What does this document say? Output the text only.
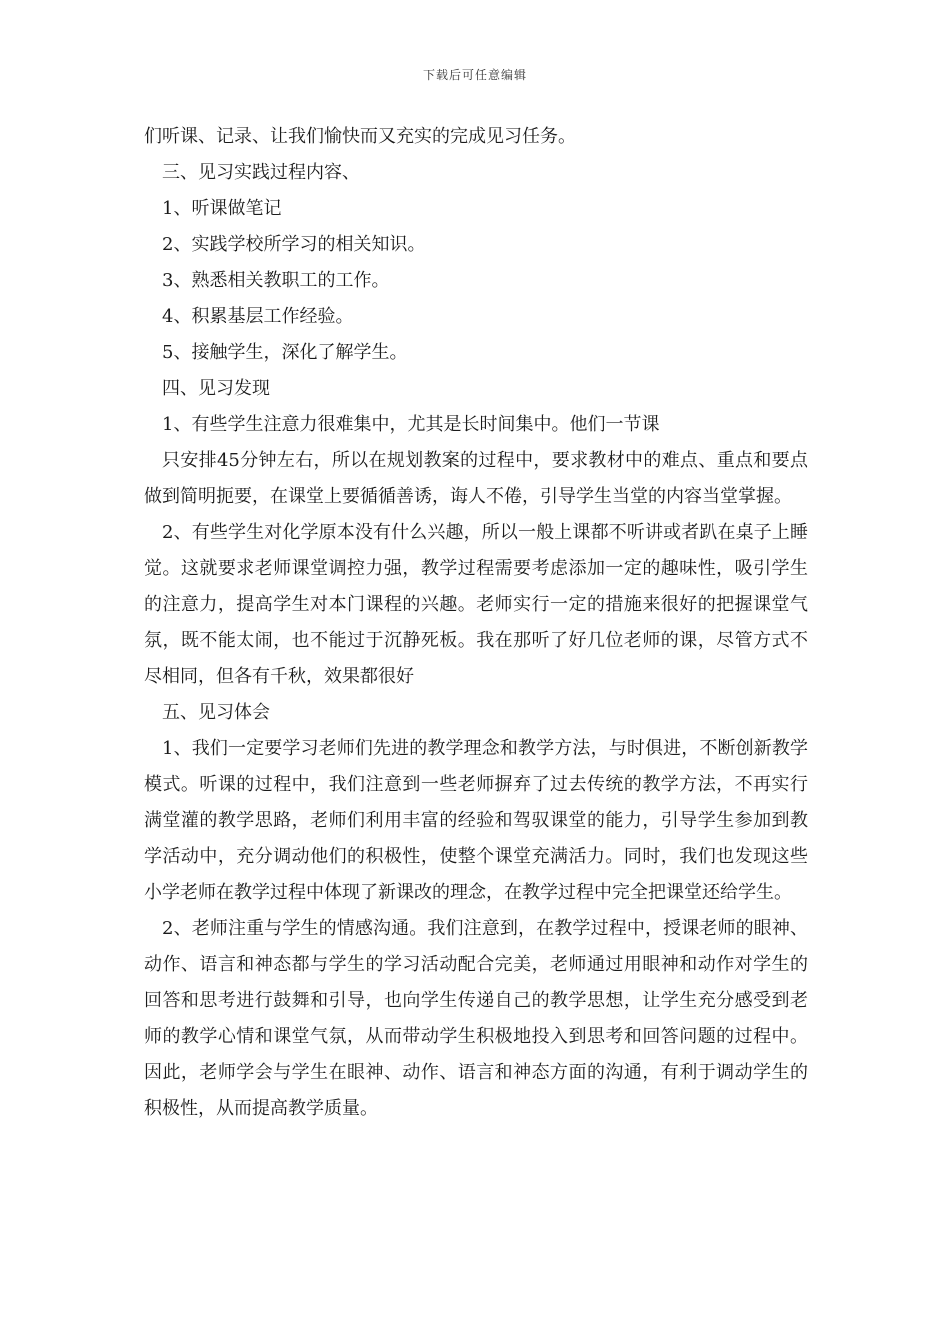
下载后可任意编辑

们听课、记录、让我们愉快而又充实的完成见习任务。

三、见习实践过程内容、

1、听课做笔记

2、实践学校所学习的相关知识。

3、熟悉相关教职工的工作。

4、积累基层工作经验。

5、接触学生，深化了解学生。

四、见习发现

1、有些学生注意力很难集中，尤其是长时间集中。他们一节课

只安排45分钟左右，所以在规划教案的过程中，要求教材中的难点、重点和要点做到简明扼要，在课堂上要循循善诱，诲人不倦，引导学生当堂的内容当堂掌握。

2、有些学生对化学原本没有什么兴趣，所以一般上课都不听讲或者趴在桌子上睡觉。这就要求老师课堂调控力强，教学过程需要考虑添加一定的趣味性，吸引学生的注意力，提高学生对本门课程的兴趣。老师实行一定的措施来很好的把握课堂气氛，既不能太闹，也不能过于沉静死板。我在那听了好几位老师的课，尽管方式不尽相同，但各有千秋，效果都很好

五、见习体会

1、我们一定要学习老师们先进的教学理念和教学方法，与时俱进，不断创新教学模式。听课的过程中，我们注意到一些老师摒弃了过去传统的教学方法，不再实行满堂灌的教学思路，老师们利用丰富的经验和驾驭课堂的能力，引导学生参加到教学活动中，充分调动他们的积极性，使整个课堂充满活力。同时，我们也发现这些小学老师在教学过程中体现了新课改的理念，在教学过程中完全把课堂还给学生。

2、老师注重与学生的情感沟通。我们注意到，在教学过程中，授课老师的眼神、动作、语言和神态都与学生的学习活动配合完美，老师通过用眼神和动作对学生的回答和思考进行鼓舞和引导，也向学生传递自己的教学思想，让学生充分感受到老师的教学心情和课堂气氛，从而带动学生积极地投入到思考和回答问题的过程中。因此，老师学会与学生在眼神、动作、语言和神态方面的沟通，有利于调动学生的积极性，从而提高教学质量。
